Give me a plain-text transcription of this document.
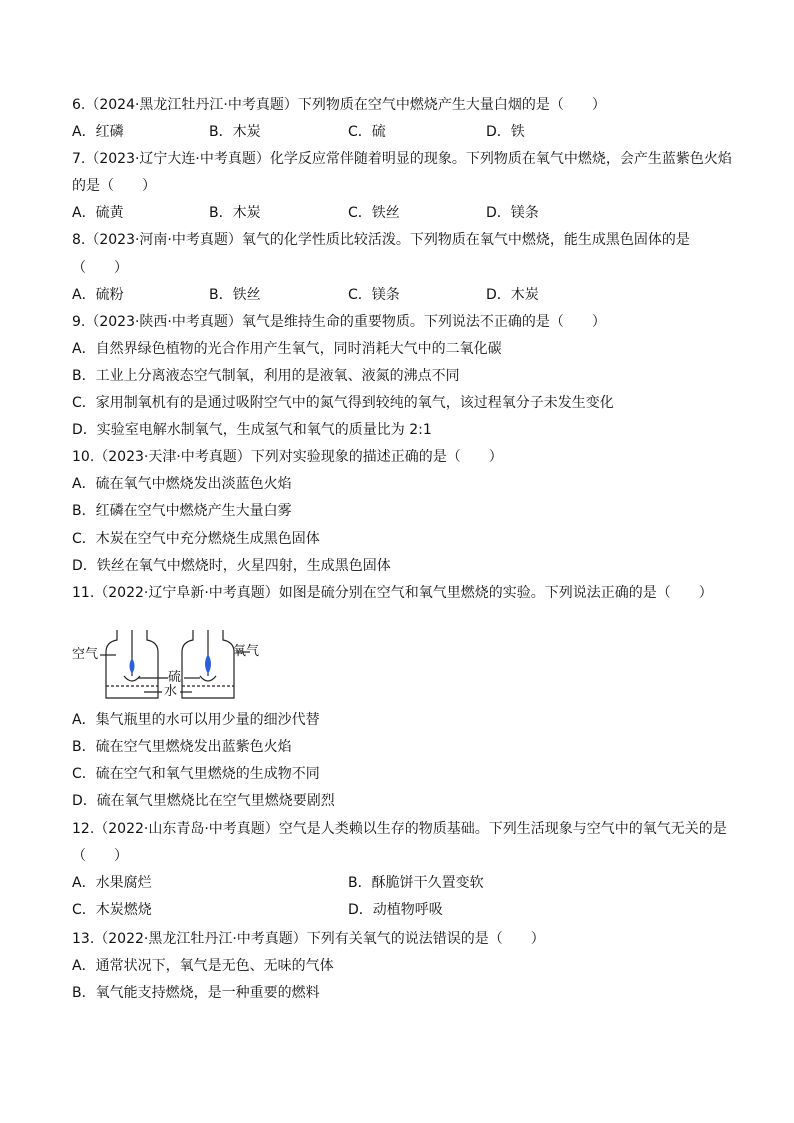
6.（2024·黑龙江牡丹江·中考真题）下列物质在空气中燃烧产生大量白烟的是（　　）
A．红磷	B．木炭	C．硫	D．铁
7.（2023·辽宁大连·中考真题）化学反应常伴随着明显的现象。下列物质在氧气中燃烧，会产生蓝紫色火焰
的是（　　）
A．硫黄	B．木炭	C．铁丝	D．镁条
8.（2023·河南·中考真题）氧气的化学性质比较活泼。下列物质在氧气中燃烧，能生成黑色固体的是
（　　）
A．硫粉	B．铁丝	C．镁条	D．木炭
9.（2023·陕西·中考真题）氧气是维持生命的重要物质。下列说法不正确的是（　　）
A．自然界绿色植物的光合作用产生氧气，同时消耗大气中的二氧化碳
B．工业上分离液态空气制氧，利用的是液氧、液氮的沸点不同
C．家用制氧机有的是通过吸附空气中的氮气得到较纯的氧气，该过程氧分子未发生变化
D．实验室电解水制氧气，生成氢气和氧气的质量比为 2:1
10.（2023·天津·中考真题）下列对实验现象的描述正确的是（　　）
A．硫在氧气中燃烧发出淡蓝色火焰
B．红磷在空气中燃烧产生大量白雾
C．木炭在空气中充分燃烧生成黑色固体
D．铁丝在氧气中燃烧时，火星四射，生成黑色固体
11.（2022·辽宁阜新·中考真题）如图是硫分别在空气和氧气里燃烧的实验。下列说法正确的是（　　）
空气
硫
水
氧气
A．集气瓶里的水可以用少量的细沙代替
B．硫在空气里燃烧发出蓝紫色火焰
C．硫在空气和氧气里燃烧的生成物不同
D．硫在氧气里燃烧比在空气里燃烧要剧烈
12.（2022·山东青岛·中考真题）空气是人类赖以生存的物质基础。下列生活现象与空气中的氧气无关的是
（　　）
A．水果腐烂	B．酥脆饼干久置变软
C．木炭燃烧	D．动植物呼吸
13.（2022·黑龙江牡丹江·中考真题）下列有关氧气的说法错误的是（　　）
A．通常状况下，氧气是无色、无味的气体
B．氧气能支持燃烧，是一种重要的燃料
